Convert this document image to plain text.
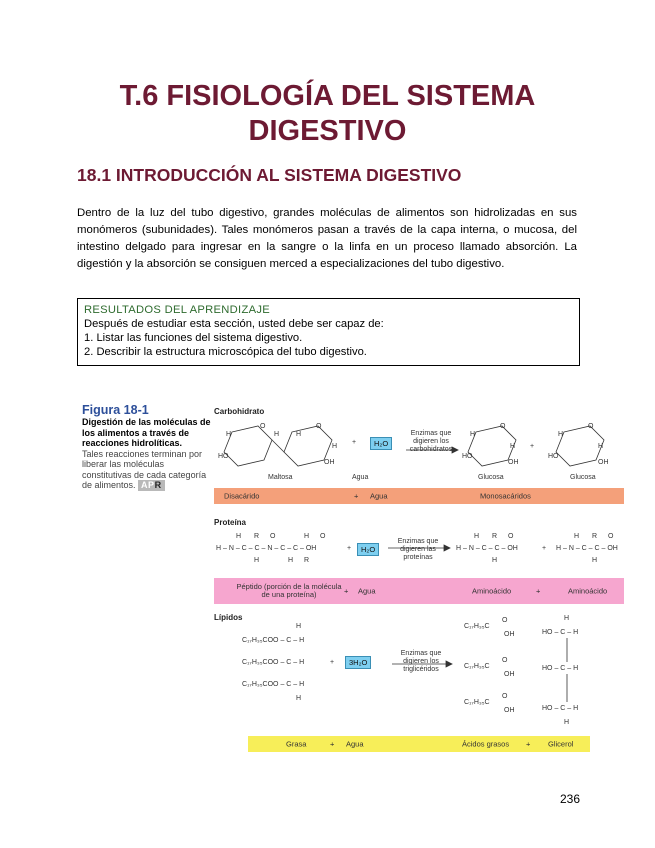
T.6 FISIOLOGÍA DEL SISTEMA
DIGESTIVO
18.1 INTRODUCCIÓN AL SISTEMA DIGESTIVO
Dentro de la luz del tubo digestivo, grandes moléculas de alimentos son hidrolizadas en sus monómeros (subunidades). Tales monómeros pasan a través de la capa interna, o mucosa, del intestino delgado para ingresar en la sangre o la linfa en un proceso llamado absorción. La digestión y la absorción se consiguen merced a especializaciones del tubo digestivo.
RESULTADOS DEL APRENDIZAJE
Después de estudiar esta sección, usted debe ser capaz de:
1. Listar las funciones del sistema digestivo.
2. Describir la estructura microscópica del tubo digestivo.
Figura 18-1
Digestión de las moléculas de los alimentos a través de reacciones hidrolíticas.
Tales reacciones terminan por liberar las moléculas constitutivas de cada categoría de alimentos. APR
Carbohidrato
H
O
HO
H H
O
H
OH
H
O
HO
H
OH
H
O
HO
H
OH
+
+
H₂O
Enzimas que digieren los carbohidratos
Maltosa	Agua	Glucosa	Glucosa
Disacárido	+ Agua	Monosacáridos
Proteína
H – N – C – C – N – C – C – OH
H R O	H O
H	H R
H – N – C – C – OH
H R O
H
+ H – N – C – C – OH
H R O
H
+	H₂O
Enzimas que digieren las proteínas
Péptido (porción de la molécula de una proteína)	+ Agua	Aminoácido	+	Aminoácido
Lípidos
C₁₇H₃₅COO – C – H
C₁₇H₃₅COO – C – H
C₁₇H₃₅COO – C – H
H
H
+
C₁₇H₃₅C
O
OH
C₁₇H₃₅C
O
OH
C₁₇H₃₅C
O
OH
H
HO – C – H
HO – C – H
HO – C – H
H
3H₂O
Enzimas que digieren los triglicéridos
Grasa	+ Agua	Ácidos grasos + Glicerol
236
